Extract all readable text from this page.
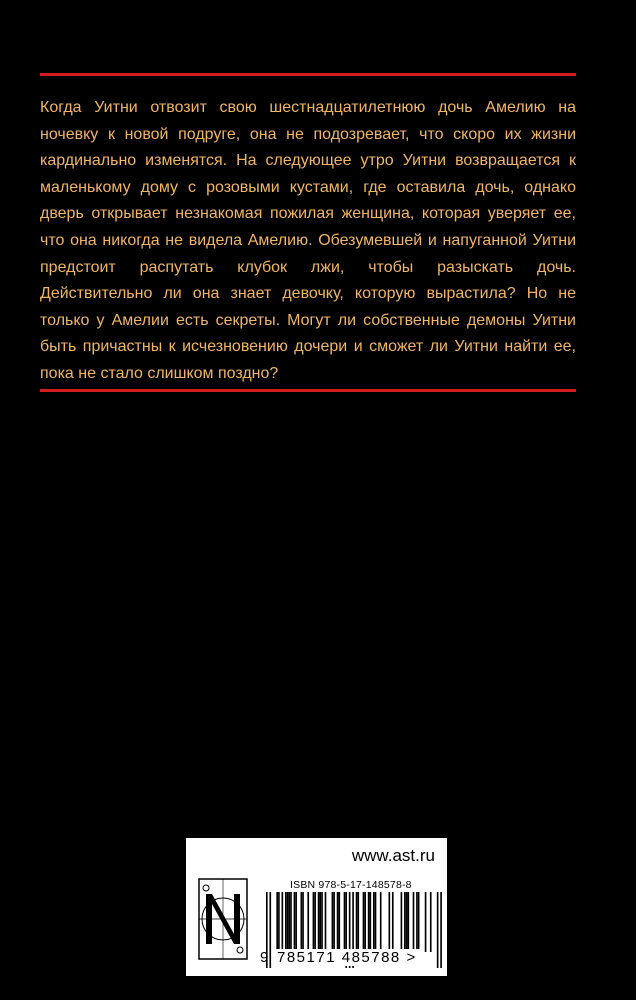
Когда Уитни отвозит свою шестнадцатилетнюю дочь Амелию на ночевку к новой подруге, она не подозревает, что скоро их жизни кардинально изменятся. На следующее утро Уитни возвращается к маленькому дому с розовыми кустами, где оставила дочь, однако дверь открывает незнакомая пожилая женщина, которая уверяет ее, что она никогда не видела Амелию. Обезумевшей и напуганной Уитни предстоит распутать клубок лжи, чтобы разыскать дочь. Действительно ли она знает девочку, которую вырастила? Но не только у Амелии есть секреты. Могут ли собственные демоны Уитни быть причастны к исчезновению дочери и сможет ли Уитни найти ее, пока не стало слишком поздно?

www.ast.ru

ISBN 978-5-17-148578-8

9 785171 485788 >
